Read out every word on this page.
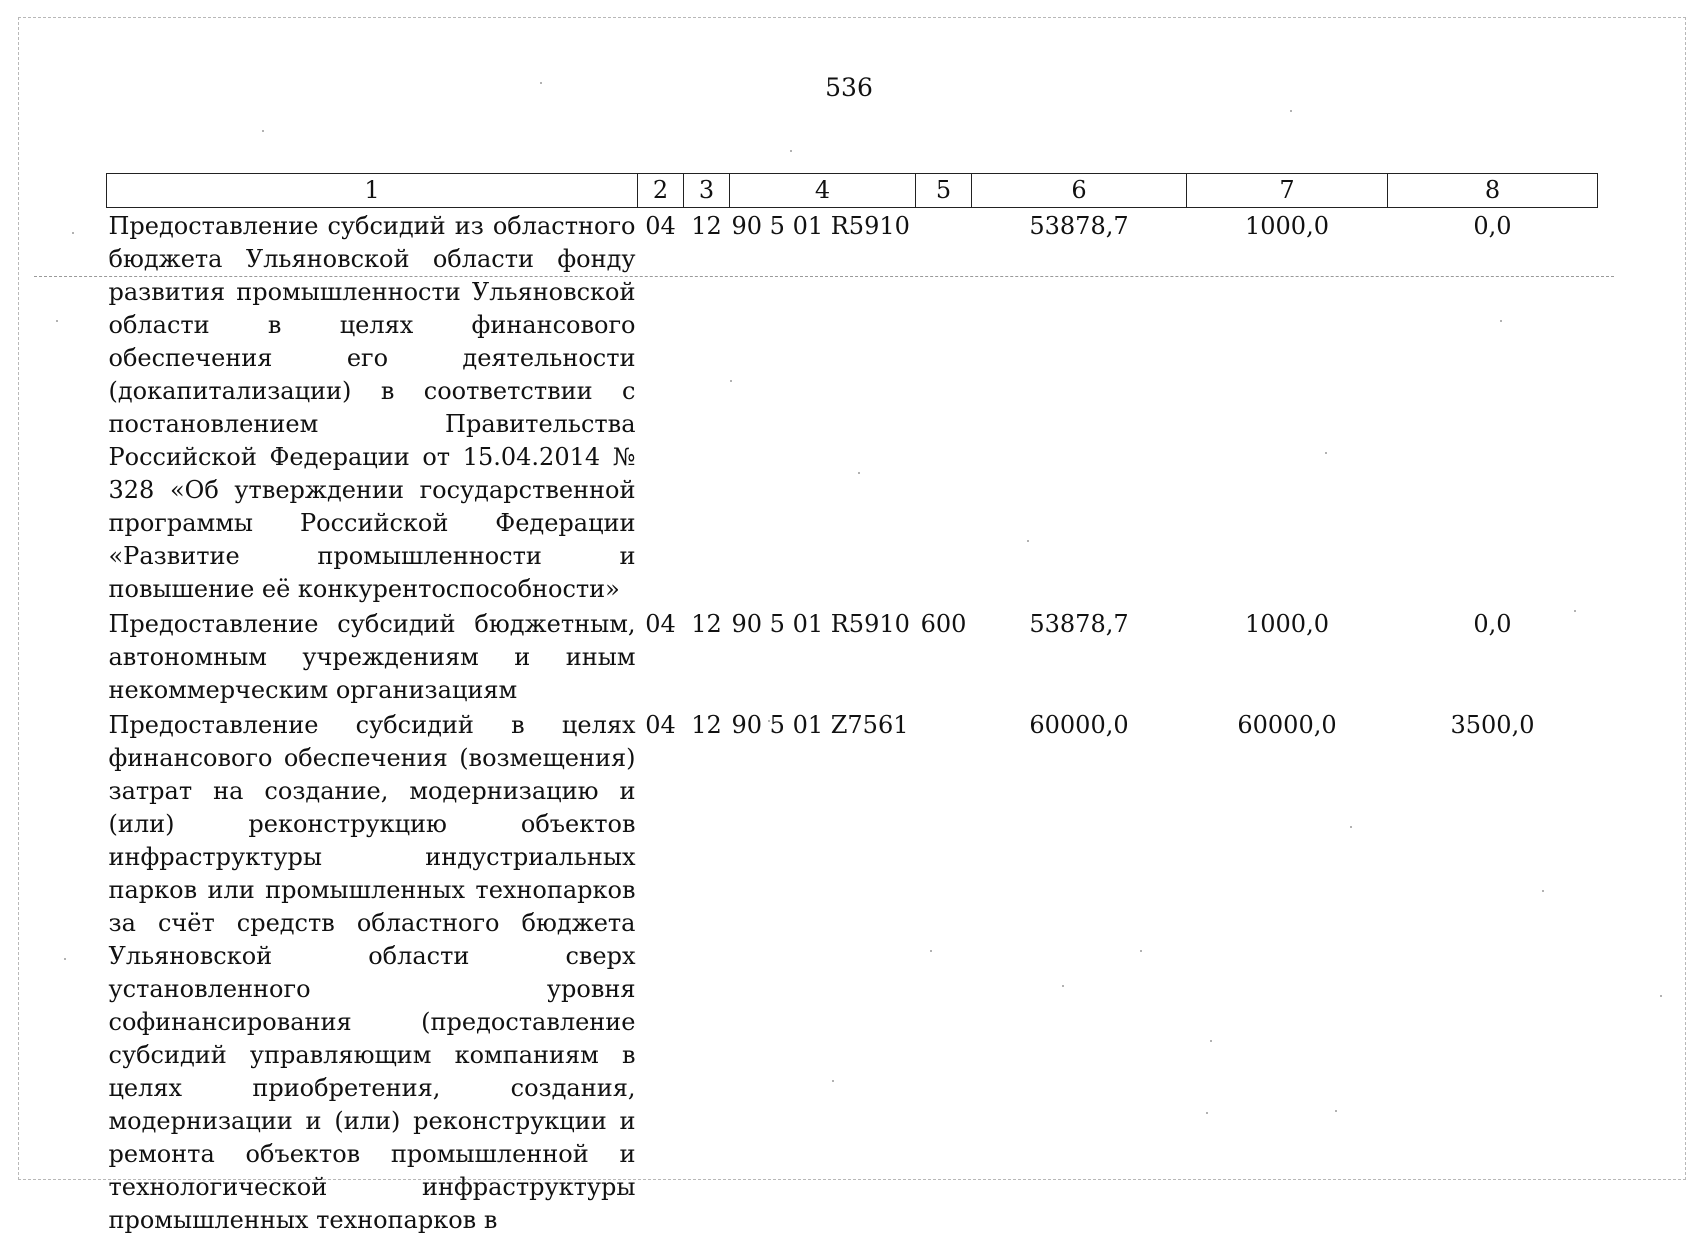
536
1	2	3	4	5	6	7	8
Предоставление субсидий из областного бюджета Ульяновской области фонду развития промышленности Ульяновской области в целях финансового обеспечения его деятельности (докапитализации) в соответствии с постановлением Правительства Российской Федерации от 15.04.2014 № 328 «Об утверждении государственной программы Российской Федерации «Развитие промышленности и повышение её конкурентоспособности»	04	12	90 5 01 R5910		53878,7	1000,0	0,0
Предоставление субсидий бюджетным, автономным учреждениям и иным некоммерческим организациям	04	12	90 5 01 R5910	600	53878,7	1000,0	0,0
Предоставление субсидий в целях финансового обеспечения (возмещения) затрат на создание, модернизацию и (или) реконструкцию объектов инфраструктуры индустриальных парков или промышленных технопарков за счёт средств областного бюджета Ульяновской области сверх установленного уровня софинансирования (предоставление субсидий управляющим компаниям в целях приобретения, создания, модернизации и (или) реконструкции и ремонта объектов промышленной и технологической инфраструктуры промышленных технопарков в	04	12	90 5 01 Z7561		60000,0	60000,0	3500,0
